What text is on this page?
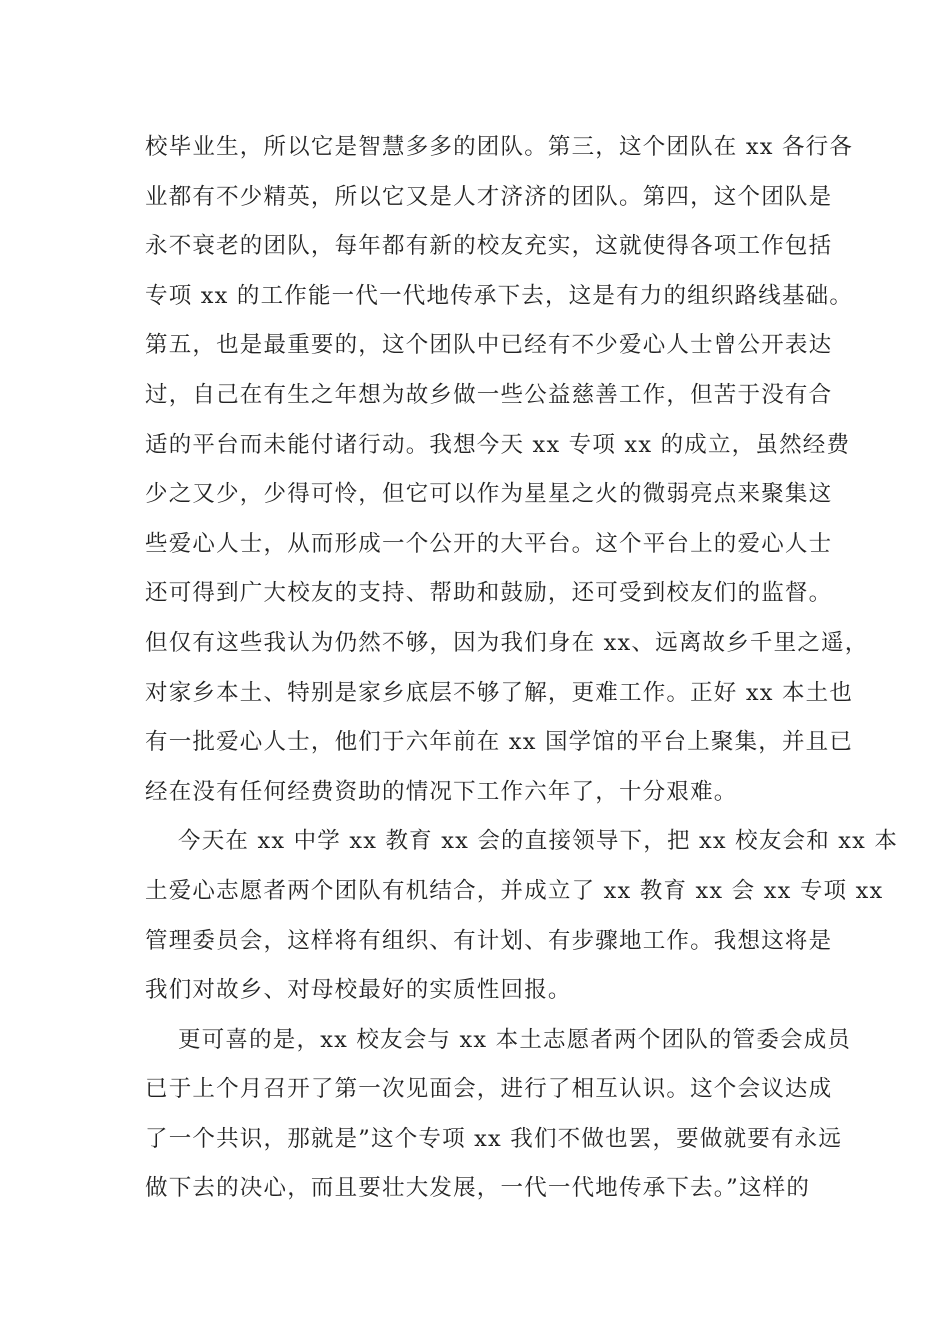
校毕业生，所以它是智慧多多的团队。第三，这个团队在 xx 各行各
业都有不少精英，所以它又是人才济济的团队。第四，这个团队是
永不衰老的团队，每年都有新的校友充实，这就使得各项工作包括
专项 xx 的工作能一代一代地传承下去，这是有力的组织路线基础。
第五，也是最重要的，这个团队中已经有不少爱心人士曾公开表达
过，自己在有生之年想为故乡做一些公益慈善工作，但苦于没有合
适的平台而未能付诸行动。我想今天 xx 专项 xx 的成立，虽然经费
少之又少，少得可怜，但它可以作为星星之火的微弱亮点来聚集这
些爱心人士，从而形成一个公开的大平台。这个平台上的爱心人士
还可得到广大校友的支持、帮助和鼓励，还可受到校友们的监督。
但仅有这些我认为仍然不够，因为我们身在 xx、远离故乡千里之遥，
对家乡本土、特别是家乡底层不够了解，更难工作。正好 xx 本土也
有一批爱心人士，他们于六年前在 xx 国学馆的平台上聚集，并且已
经在没有任何经费资助的情况下工作六年了，十分艰难。
今天在 xx 中学 xx 教育 xx 会的直接领导下，把 xx 校友会和 xx 本
土爱心志愿者两个团队有机结合，并成立了 xx 教育 xx 会 xx 专项 xx
管理委员会，这样将有组织、有计划、有步骤地工作。我想这将是
我们对故乡、对母校最好的实质性回报。
更可喜的是，xx 校友会与 xx 本土志愿者两个团队的管委会成员
已于上个月召开了第一次见面会，进行了相互认识。这个会议达成
了一个共识，那就是”这个专项 xx 我们不做也罢，要做就要有永远
做下去的决心，而且要壮大发展，一代一代地传承下去。”这样的
